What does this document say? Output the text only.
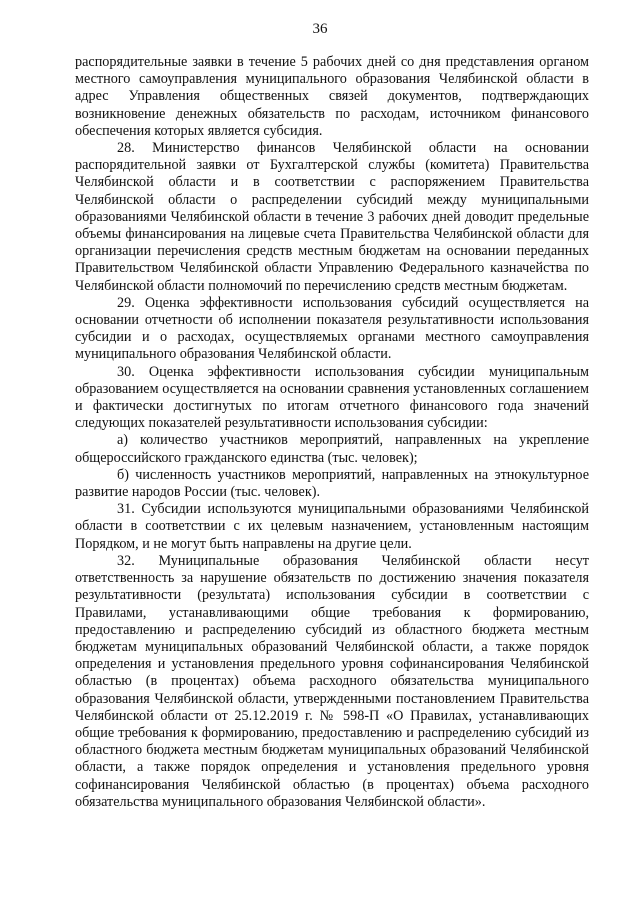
36

распорядительные заявки в течение 5 рабочих дней со дня представления органом местного самоуправления муниципального образования Челябинской области в адрес Управления общественных связей документов, подтверждающих возникновение денежных обязательств по расходам, источником финансового обеспечения которых является субсидия.

28. Министерство финансов Челябинской области на основании распорядительной заявки от Бухгалтерской службы (комитета) Правительства Челябинской области и в соответствии с распоряжением Правительства Челябинской области о распределении субсидий между муниципальными образованиями Челябинской области в течение 3 рабочих дней доводит предельные объемы финансирования на лицевые счета Правительства Челябинской области для организации перечисления средств местным бюджетам на основании переданных Правительством Челябинской области Управлению Федерального казначейства по Челябинской области полномочий по перечислению средств местным бюджетам.

29. Оценка эффективности использования субсидий осуществляется на основании отчетности об исполнении показателя результативности использования субсидии и о расходах, осуществляемых органами местного самоуправления муниципального образования Челябинской области.

30. Оценка эффективности использования субсидии муниципальным образованием осуществляется на основании сравнения установленных соглашением и фактически достигнутых по итогам отчетного финансового года значений следующих показателей результативности использования субсидии:

а) количество участников мероприятий, направленных на укрепление общероссийского гражданского единства (тыс. человек);

б) численность участников мероприятий, направленных на этнокультурное развитие народов России (тыс. человек).

31. Субсидии используются муниципальными образованиями Челябинской области в соответствии с их целевым назначением, установленным настоящим Порядком, и не могут быть направлены на другие цели.

32. Муниципальные образования Челябинской области несут ответственность за нарушение обязательств по достижению значения показателя результативности (результата) использования субсидии в соответствии с Правилами, устанавливающими общие требования к формированию, предоставлению и распределению субсидий из областного бюджета местным бюджетам муниципальных образований Челябинской области, а также порядок определения и установления предельного уровня софинансирования Челябинской областью (в процентах) объема расходного обязательства муниципального образования Челябинской области, утвержденными постановлением Правительства Челябинской области от 25.12.2019 г. № 598-П «О Правилах, устанавливающих общие требования к формированию, предоставлению и распределению субсидий из областного бюджета местным бюджетам муниципальных образований Челябинской области, а также порядок определения и установления предельного уровня софинансирования Челябинской областью (в процентах) объема расходного обязательства муниципального образования Челябинской области».
